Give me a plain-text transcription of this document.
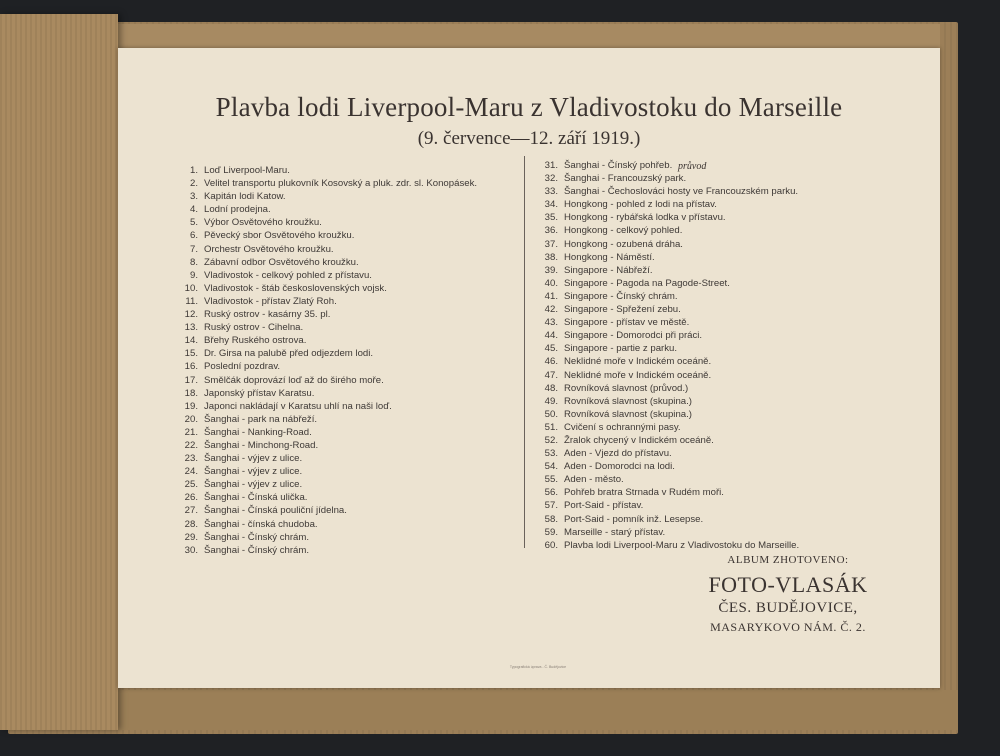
Plavba lodi Liverpool-Maru z Vladivostoku do Marseille
(9. července—12. září 1919.)
1. Loď Liverpool-Maru.
2. Velitel transportu plukovník Kosovský a pluk. zdr. sl. Konopásek.
3. Kapitán lodi Katow.
4. Lodní prodejna.
5. Výbor Osvětového kroužku.
6. Pěvecký sbor Osvětového kroužku.
7. Orchestr Osvětového kroužku.
8. Zábavní odbor Osvětového kroužku.
9. Vladivostok - celkový pohled z přístavu.
10. Vladivostok - štáb československých vojsk.
11. Vladivostok - přístav Zlatý Roh.
12. Ruský ostrov - kasárny 35. pl.
13. Ruský ostrov - Cihelna.
14. Břehy Ruského ostrova.
15. Dr. Girsa na palubě před odjezdem lodi.
16. Poslední pozdrav.
17. Smělčák doprovází loď až do širého moře.
18. Japonský přístav Karatsu.
19. Japonci nakládají v Karatsu uhlí na naši loď.
20. Šanghai - park na nábřeží.
21. Šanghai - Nanking-Road.
22. Šanghai - Minchong-Road.
23. Šanghai - výjev z ulice.
24. Šanghai - výjev z ulice.
25. Šanghai - výjev z ulice.
26. Šanghai - Čínská ulička.
27. Šanghai - Čínská pouliční jídelna.
28. Šanghai - čínská chudoba.
29. Šanghai - Čínský chrám.
30. Šanghai - Čínský chrám.
31. Šanghai - Čínský pohřeb.
32. Šanghai - Francouzský park.
33. Šanghai - Čechoslováci hosty ve Francouzském parku.
34. Hongkong - pohled z lodi na přístav.
35. Hongkong - rybářská lodka v přístavu.
36. Hongkong - celkový pohled.
37. Hongkong - ozubená dráha.
38. Hongkong - Náměstí.
39. Singapore - Nábřeží.
40. Singapore - Pagoda na Pagode-Street.
41. Singapore - Čínský chrám.
42. Singapore - Spřežení zebu.
43. Singapore - přístav ve městě.
44. Singapore - Domorodci při práci.
45. Singapore - partie z parku.
46. Neklidné moře v Indickém oceáně.
47. Neklidné moře v Indickém oceáně.
48. Rovníková slavnost (průvod.)
49. Rovníková slavnost (skupina.)
50. Rovníková slavnost (skupina.)
51. Cvičení s ochrannými pasy.
52. Žralok chycený v Indickém oceáně.
53. Aden - Vjezd do přístavu.
54. Aden - Domorodci na lodi.
55. Aden - město.
56. Pohřeb bratra Strnada v Rudém moři.
57. Port-Said - přístav.
58. Port-Said - pomník inž. Lesepse.
59. Marseille - starý přístav.
60. Plavba lodi Liverpool-Maru z Vladivostoku do Marseille.
průvod
ALBUM ZHOTOVENO:
FOTO-VLASÁK
ČES. BUDĚJOVICE,
MASARYKOVO NÁM. Č. 2.
Typografická úprava - Č. Budějovice
